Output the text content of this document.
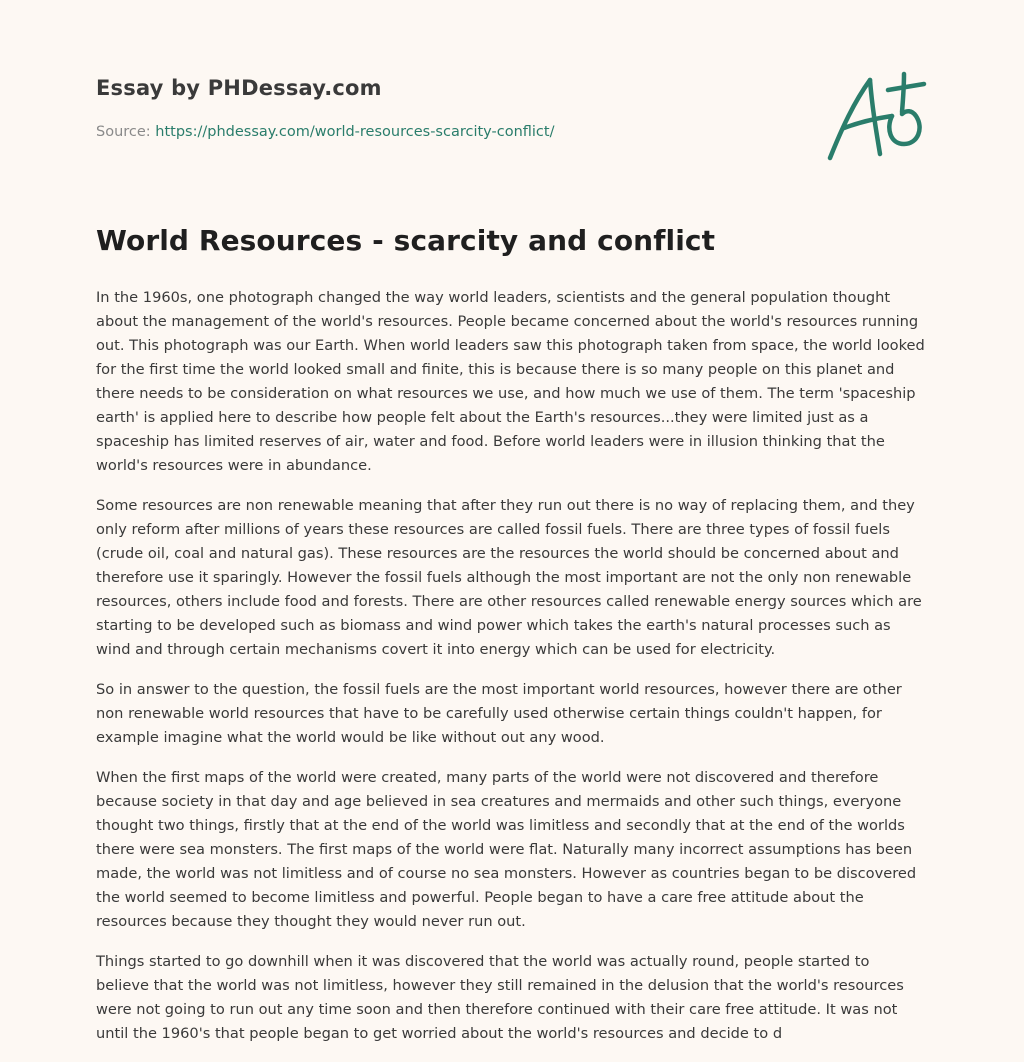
Essay by PHDessay.com
Source: https://phdessay.com/world-resources-scarcity-conflict/
World Resources - scarcity and conflict

In the 1960s, one photograph changed the way world leaders, scientists and the general population thought about the management of the world's resources. People became concerned about the world's resources running out. This photograph was our Earth. When world leaders saw this photograph taken from space, the world looked for the first time the world looked small and finite, this is because there is so many people on this planet and there needs to be consideration on what resources we use, and how much we use of them. The term 'spaceship earth' is applied here to describe how people felt about the Earth's resources...they were limited just as a spaceship has limited reserves of air, water and food. Before world leaders were in illusion thinking that the world's resources were in abundance.

Some resources are non renewable meaning that after they run out there is no way of replacing them, and they only reform after millions of years these resources are called fossil fuels. There are three types of fossil fuels (crude oil, coal and natural gas). These resources are the resources the world should be concerned about and therefore use it sparingly. However the fossil fuels although the most important are not the only non renewable resources, others include food and forests. There are other resources called renewable energy sources which are starting to be developed such as biomass and wind power which takes the earth's natural processes such as wind and through certain mechanisms covert it into energy which can be used for electricity.

So in answer to the question, the fossil fuels are the most important world resources, however there are other non renewable world resources that have to be carefully used otherwise certain things couldn't happen, for example imagine what the world would be like without out any wood.

When the first maps of the world were created, many parts of the world were not discovered and therefore because society in that day and age believed in sea creatures and mermaids and other such things, everyone thought two things, firstly that at the end of the world was limitless and secondly that at the end of the worlds there were sea monsters. The first maps of the world were flat. Naturally many incorrect assumptions has been made, the world was not limitless and of course no sea monsters. However as countries began to be discovered the world seemed to become limitless and powerful. People began to have a care free attitude about the resources because they thought they would never run out.

Things started to go downhill when it was discovered that the world was actually round, people started to believe that the world was not limitless, however they still remained in the delusion that the world's resources were not going to run out any time soon and then therefore continued with their care free attitude. It was not until the 1960's that people began to get worried about the world's resources and decide to d
